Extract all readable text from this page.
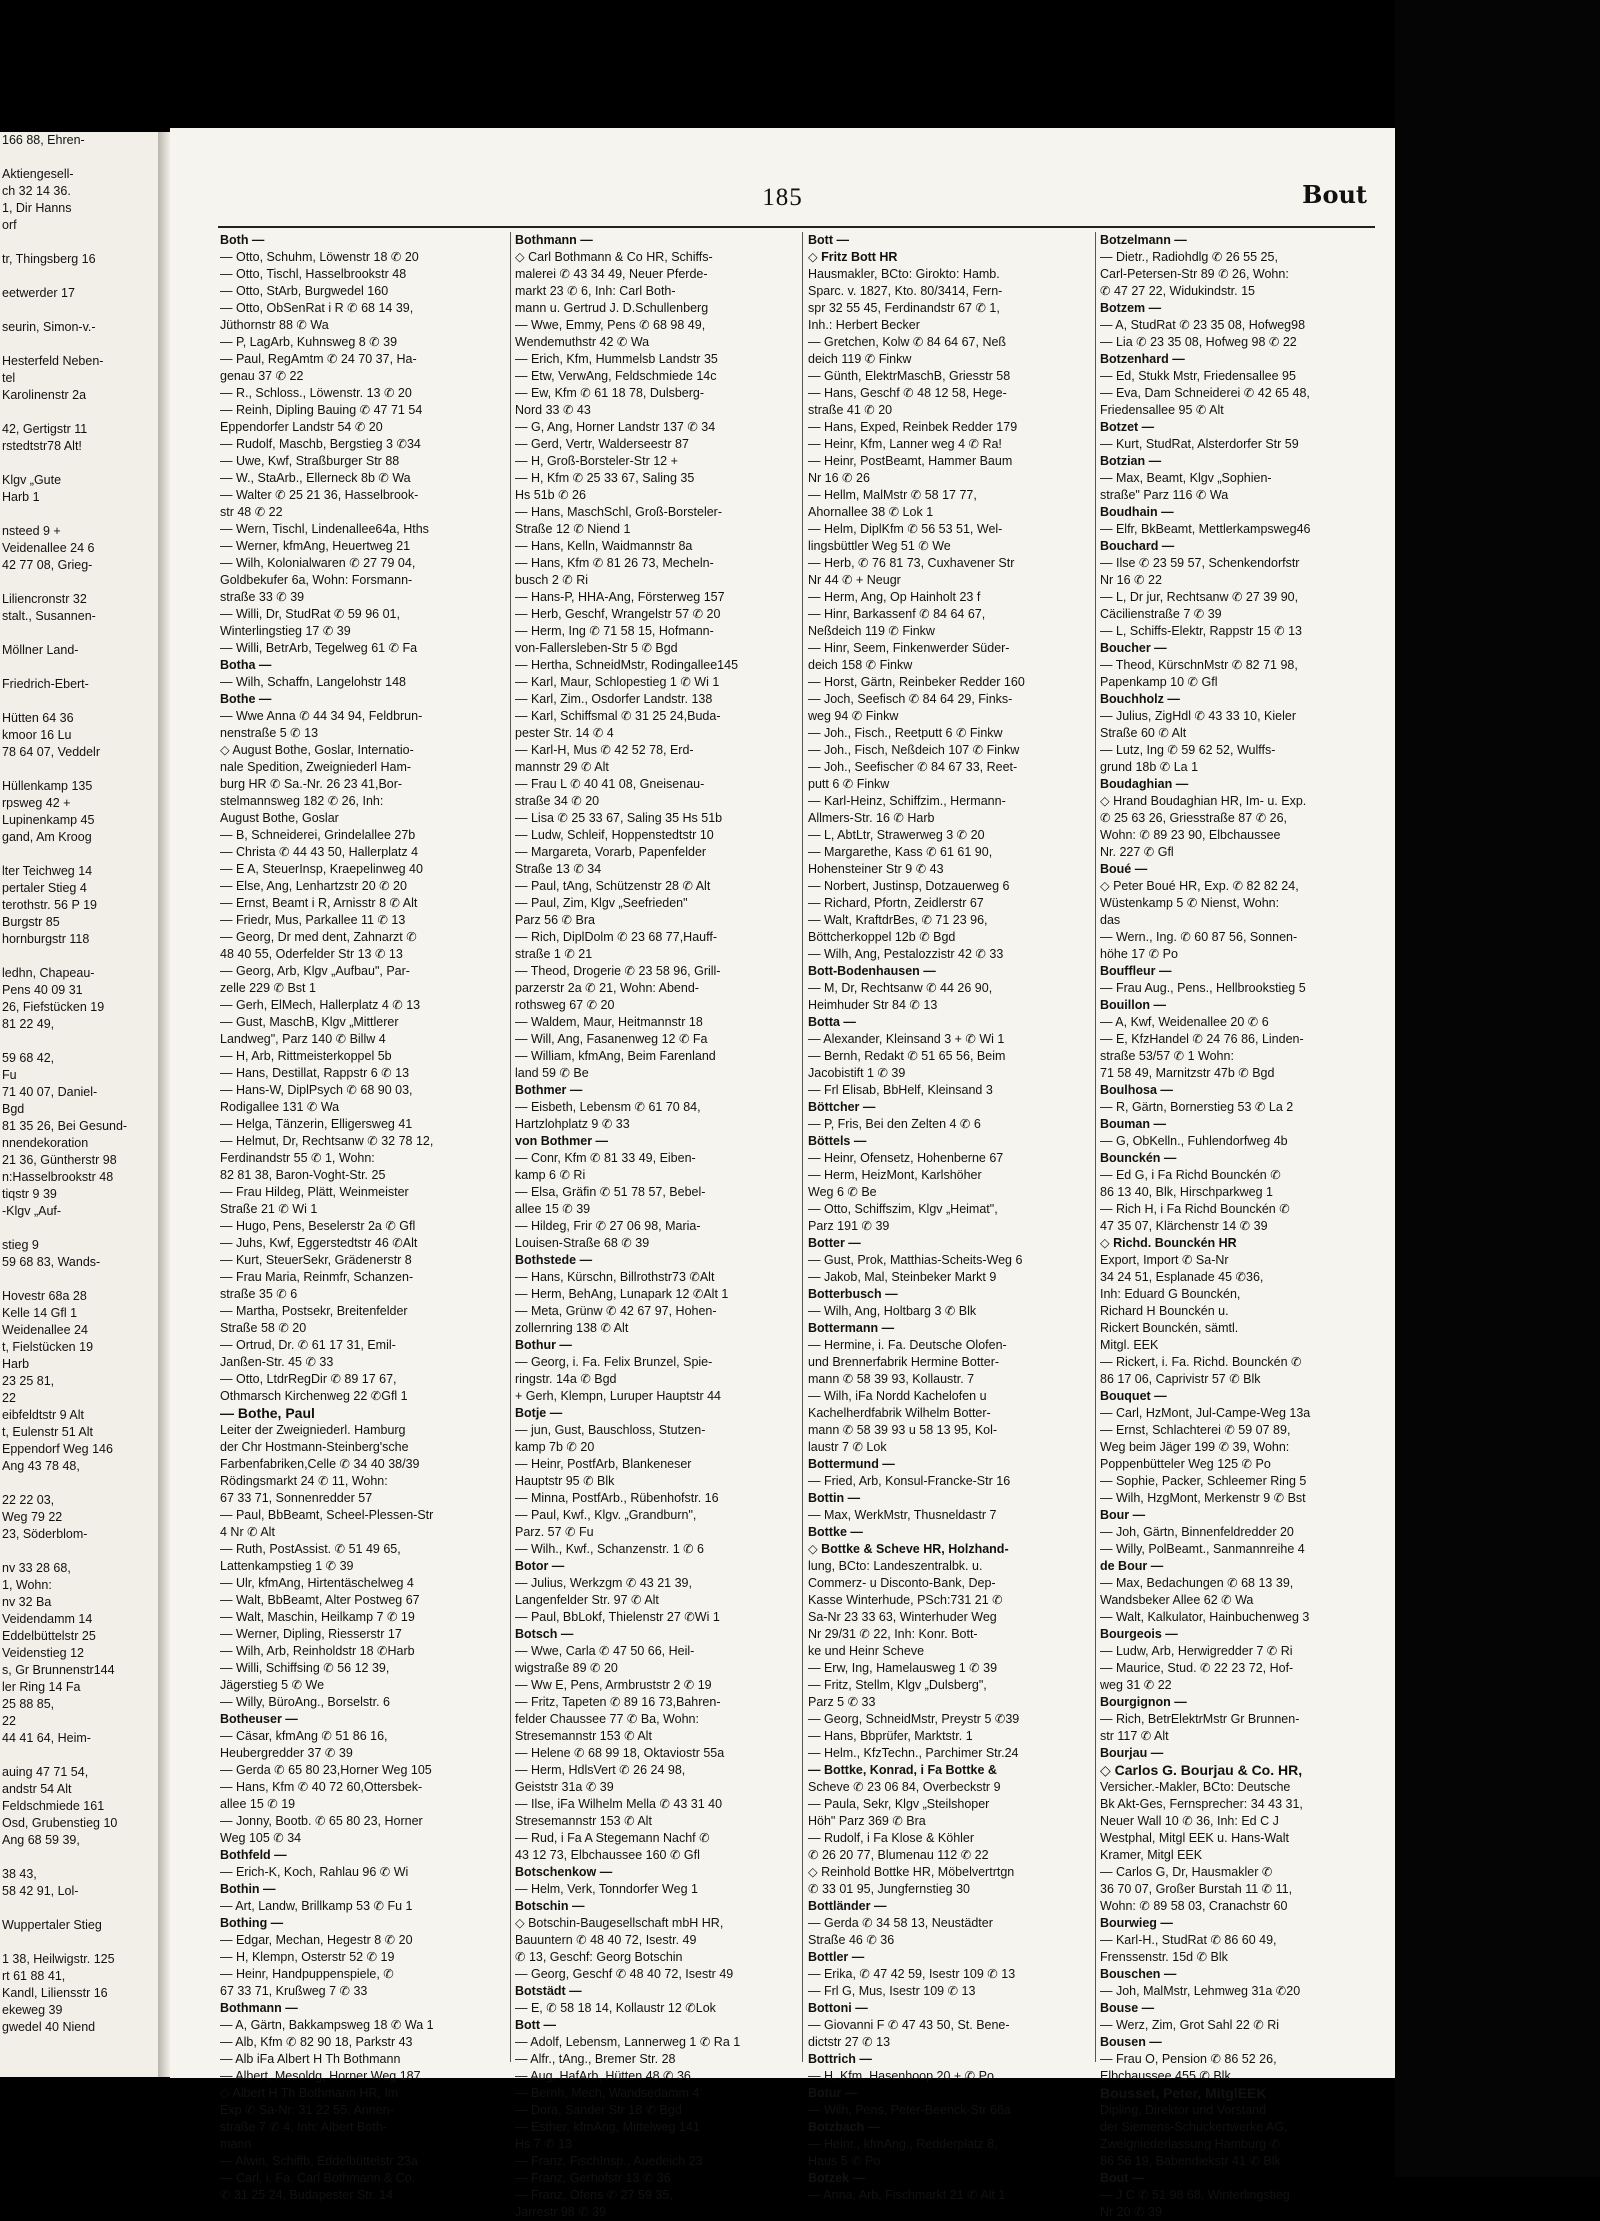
166 88, Ehren-

Aktiengesell-
ch 32 14 36.
1, Dir Hanns
orf

tr, Thingsberg 16

eetwerder 17

seurin, Simon-v.-

Hesterfeld Neben-
tel
Karolinenstr 2a

42, Gertigstr 11
rstedtstr78 Alt!

Klgv „Gute
Harb 1

nsteed 9 +
Veidenallee 24 6
42 77 08, Grieg-

Liliencronstr 32
stalt., Susannen-

Möllner Land-

Friedrich-Ebert-

Hütten 64 36
kmoor 16 Lu
78 64 07, Veddelr

Hüllenkamp 135
rpsweg 42 +
Lupinenkamp 45
gand, Am Kroog

lter Teichweg 14
pertaler Stieg 4
terothstr. 56 P 19
Burgstr 85
hornburgstr 118

ledhn, Chapeau-
Pens 40 09 31
26, Fiefstücken 19
81 22 49,

59 68 42,
Fu
71 40 07, Daniel-
Bgd
81 35 26, Bei Gesund-
nnendekoration
21 36, Güntherstr 98
n:Hasselbrookstr 48
tiqstr 9 39
-Klgv „Auf-

stieg 9
59 68 83, Wands-

Hovestr 68a 28
Kelle 14 Gfl 1
Weidenallee 24
t, Fielstücken 19
Harb
23 25 81,
22
eibfeldtstr 9 Alt
t, Eulenstr 51 Alt
Eppendorf Weg 146
Ang 43 78 48,

22 22 03,
Weg 79 22
23, Söderblom-

nv 33 28 68,
1, Wohn:
nv 32 Ba
Veidendamm 14
Eddelbüttelstr 25
Veidenstieg 12
s, Gr Brunnenstr144
ler Ring 14 Fa
25 88 85,
22
44 41 64, Heim-

auing 47 71 54,
andstr 54 Alt
Feldschmiede 161
Osd, Grubenstieg 10
Ang 68 59 39,

38 43,
58 42 91, Lol-

Wuppertaler Stieg

1 38, Heilwigstr. 125
rt 61 88 41,
Kandl, Liliensstr 16
ekeweg 39
gwedel 40 Niend
185	Bout
Both —
— Otto, Schuhm, Löwenstr 18 ✆ 20
— Otto, Tischl, Hasselbrookstr 48
— Otto, StArb, Burgwedel 160
— Otto, ObSenRat i R ✆ 68 14 39,
Jüthornstr 88 ✆ Wa
— P, LagArb, Kuhnsweg 8 ✆ 39
— Paul, RegAmtm ✆ 24 70 37, Ha-
genau 37 ✆ 22
— R., Schloss., Löwenstr. 13 ✆ 20
— Reinh, Dipling Bauing ✆ 47 71 54
Eppendorfer Landstr 54 ✆ 20
— Rudolf, Maschb, Bergstieg 3 ✆34
— Uwe, Kwf, Straßburger Str 88
— W., StaArb., Ellerneck 8b ✆ Wa
— Walter ✆ 25 21 36, Hasselbrook-
str 48 ✆ 22
— Wern, Tischl, Lindenallee64a, Hths
— Werner, kfmAng, Heuertweg 21
— Wilh, Kolonialwaren ✆ 27 79 04,
Goldbekufer 6a, Wohn: Forsmann-
straße 33 ✆ 39
— Willi, Dr, StudRat ✆ 59 96 01,
Winterlingstieg 17 ✆ 39
— Willi, BetrArb, Tegelweg 61 ✆ Fa
Botha —
— Wilh, Schaffn, Langelohstr 148
Bothe —
— Wwe Anna ✆ 44 34 94, Feldbrun-
nenstraße 5 ✆ 13
◇ August Bothe, Goslar, Internatio-
nale Spedition, Zweigniederl Ham-
burg HR ✆ Sa.-Nr. 26 23 41,Bor-
stelmannsweg 182 ✆ 26, Inh:
August Bothe, Goslar
— B, Schneiderei, Grindelallee 27b
— Christa ✆ 44 43 50, Hallerplatz 4
— E A, SteuerInsp, Kraepelinweg 40
— Else, Ang, Lenhartzstr 20 ✆ 20
— Ernst, Beamt i R, Arnisstr 8 ✆ Alt
— Friedr, Mus, Parkallee 11 ✆ 13
— Georg, Dr med dent, Zahnarzt ✆
48 40 55, Oderfelder Str 13 ✆ 13
— Georg, Arb, Klgv „Aufbau", Par-
zelle 229 ✆ Bst 1
— Gerh, ElMech, Hallerplatz 4 ✆ 13
— Gust, MaschB, Klgv „Mittlerer
Landweg", Parz 140 ✆ Billw 4
— H, Arb, Rittmeisterkoppel 5b
— Hans, Destillat, Rappstr 6 ✆ 13
— Hans-W, DiplPsych ✆ 68 90 03,
Rodigallee 131 ✆ Wa
— Helga, Tänzerin, Elligersweg 41
— Helmut, Dr, Rechtsanw ✆ 32 78 12,
Ferdinandstr 55 ✆ 1, Wohn:
82 81 38, Baron-Voght-Str. 25
— Frau Hildeg, Plätt, Weinmeister
Straße 21 ✆ Wi 1
— Hugo, Pens, Beselerstr 2a ✆ Gfl
— Juhs, Kwf, Eggerstedtstr 46 ✆Alt
— Kurt, SteuerSekr, Grädenerstr 8
— Frau Maria, Reinmfr, Schanzen-
straße 35 ✆ 6
— Martha, Postsekr, Breitenfelder
Straße 58 ✆ 20
— Ortrud, Dr. ✆ 61 17 31, Emil-
Janßen-Str. 45 ✆ 33
— Otto, LtdrRegDir ✆ 89 17 67,
Othmarsch Kirchenweg 22 ✆Gfl 1
— Bothe, Paul
Leiter der Zweigniederl. Hamburg
der Chr Hostmann-Steinberg'sche
Farbenfabriken,Celle ✆ 34 40 38/39
Rödingsmarkt 24 ✆ 11, Wohn:
67 33 71, Sonnenredder 57
— Paul, BbBeamt, Scheel-Plessen-Str
4 Nr ✆ Alt
— Ruth, PostAssist. ✆ 51 49 65,
Lattenkampstieg 1 ✆ 39
— Ulr, kfmAng, Hirtentäschelweg 4
— Walt, BbBeamt, Alter Postweg 67
— Walt, Maschin, Heilkamp 7 ✆ 19
— Werner, Dipling, Riesserstr 17
— Wilh, Arb, Reinholdstr 18 ✆Harb
— Willi, Schiffsing ✆ 56 12 39,
Jägerstieg 5 ✆ We
— Willy, BüroAng., Borselstr. 6
Botheuser —
— Cäsar, kfmAng ✆ 51 86 16,
Heubergredder 37 ✆ 39
— Gerda ✆ 65 80 23,Horner Weg 105
— Hans, Kfm ✆ 40 72 60,Ottersbek-
allee 15 ✆ 19
— Jonny, Bootb. ✆ 65 80 23, Horner
Weg 105 ✆ 34
Bothfeld —
— Erich-K, Koch, Rahlau 96 ✆ Wi
Bothin —
— Art, Landw, Brillkamp 53 ✆ Fu 1
Bothing —
— Edgar, Mechan, Hegestr 8 ✆ 20
— H, Klempn, Osterstr 52 ✆ 19
— Heinr, Handpuppenspiele, ✆
67 33 71, Krußweg 7 ✆ 33
Bothmann —
— A, Gärtn, Bakkampsweg 18 ✆ Wa 1
— Alb, Kfm ✆ 82 90 18, Parkstr 43
— Alb iFa Albert H Th Bothmann
— Albert, Mesoldg, Horner Weg 187
◇ Albert H Th Bothmann HR, Im
Exp ✆ Sa-Nr: 31 22 55, Annen-
straße 7 ✆ 4, Inh: Albert Both-
mann
— Alwin, Schiffb, Eddelbüttelstr 23a
— Carl, i. Fa. Carl Bothmann & Co.
✆ 31 25 24, Budapester Str. 14
Bothmann —
◇ Carl Bothmann & Co HR, Schiffs-
malerei ✆ 43 34 49, Neuer Pferde-
markt 23 ✆ 6, Inh: Carl Both-
mann u. Gertrud J. D.Schullenberg
— Wwe, Emmy, Pens ✆ 68 98 49,
Wendemuthstr 42 ✆ Wa
— Erich, Kfm, Hummelsb Landstr 35
— Etw, VerwAng, Feldschmiede 14c
— Ew, Kfm ✆ 61 18 78, Dulsberg-
Nord 33 ✆ 43
— G, Ang, Horner Landstr 137 ✆ 34
— Gerd, Vertr, Walderseestr 87
— H, Groß-Borsteler-Str 12 +
— H, Kfm ✆ 25 33 67, Saling 35
Hs 51b ✆ 26
— Hans, MaschSchl, Groß-Borsteler-
Straße 12 ✆ Niend 1
— Hans, Kelln, Waidmannstr 8a
— Hans, Kfm ✆ 81 26 73, Mecheln-
busch 2 ✆ Ri
— Hans-P, HHA-Ang, Försterweg 157
— Herb, Geschf, Wrangelstr 57 ✆ 20
— Herm, Ing ✆ 71 58 15, Hofmann-
von-Fallersleben-Str 5 ✆ Bgd
— Hertha, SchneidMstr, Rodingallee145
— Karl, Maur, Schlopestieg 1 ✆ Wi 1
— Karl, Zim., Osdorfer Landstr. 138
— Karl, Schiffsmal ✆ 31 25 24,Buda-
pester Str. 14 ✆ 4
— Karl-H, Mus ✆ 42 52 78, Erd-
mannstr 29 ✆ Alt
— Frau L ✆ 40 41 08, Gneisenau-
straße 34 ✆ 20
— Lisa ✆ 25 33 67, Saling 35 Hs 51b
— Ludw, Schleif, Hoppenstedtstr 10
— Margareta, Vorarb, Papenfelder
Straße 13 ✆ 34
— Paul, tAng, Schützenstr 28 ✆ Alt
— Paul, Zim, Klgv „Seefrieden"
Parz 56 ✆ Bra
— Rich, DiplDolm ✆ 23 68 77,Hauff-
straße 1 ✆ 21
— Theod, Drogerie ✆ 23 58 96, Grill-
parzerstr 2a ✆ 21, Wohn: Abend-
rothsweg 67 ✆ 20
— Waldem, Maur, Heitmannstr 18
— Will, Ang, Fasanenweg 12 ✆ Fa
— William, kfmAng, Beim Farenland
land 59 ✆ Be
Bothmer —
— Eisbeth, Lebensm ✆ 61 70 84,
Hartzlohplatz 9 ✆ 33
von Bothmer —
— Conr, Kfm ✆ 81 33 49, Eiben-
kamp 6 ✆ Ri
— Elsa, Gräfin ✆ 51 78 57, Bebel-
allee 15 ✆ 39
— Hildeg, Frir ✆ 27 06 98, Maria-
Louisen-Straße 68 ✆ 39
Bothstede —
— Hans, Kürschn, Billrothstr73 ✆Alt
— Herm, BehAng, Lunapark 12 ✆Alt 1
— Meta, Grünw ✆ 42 67 97, Hohen-
zollernring 138 ✆ Alt
Bothur —
— Georg, i. Fa. Felix Brunzel, Spie-
ringstr. 14a ✆ Bgd
+ Gerh, Klempn, Luruper Hauptstr 44
Botje —
— jun, Gust, Bauschloss, Stutzen-
kamp 7b ✆ 20
— Heinr, PostfArb, Blankeneser
Hauptstr 95 ✆ Blk
— Minna, PostfArb., Rübenhofstr. 16
— Paul, Kwf., Klgv. „Grandburn",
Parz. 57 ✆ Fu
— Wilh., Kwf., Schanzenstr. 1 ✆ 6
Botor —
— Julius, Werkzgm ✆ 43 21 39,
Langenfelder Str. 97 ✆ Alt
— Paul, BbLokf, Thielenstr 27 ✆Wi 1
Botsch —
— Wwe, Carla ✆ 47 50 66, Heil-
wigstraße 89 ✆ 20
— Ww E, Pens, Armbruststr 2 ✆ 19
— Fritz, Tapeten ✆ 89 16 73,Bahren-
felder Chaussee 77 ✆ Ba, Wohn:
Stresemannstr 153 ✆ Alt
— Helene ✆ 68 99 18, Oktaviostr 55a
— Herm, HdlsVert ✆ 26 24 98,
Geiststr 31a ✆ 39
— Ilse, iFa Wilhelm Mella ✆ 43 31 40
Stresemannstr 153 ✆ Alt
— Rud, i Fa A Stegemann Nachf ✆
43 12 73, Elbchaussee 160 ✆ Gfl
Botschenkow —
— Helm, Verk, Tonndorfer Weg 1
Botschin —
◇ Botschin-Baugesellschaft mbH HR,
Bauuntern ✆ 48 40 72, Isestr. 49
✆ 13, Geschf: Georg Botschin
— Georg, Geschf ✆ 48 40 72, Isestr 49
Botstädt —
— E, ✆ 58 18 14, Kollaustr 12 ✆Lok
Bott —
— Adolf, Lebensm, Lannerweg 1 ✆ Ra 1
— Alfr., tAng., Bremer Str. 28
— Aug, HafArb, Hütten 48 ✆ 36
— Bernh, Mech, Wandsedamm 4
— Dora, Sander Str 18 ✆ Bgd
— Esther, kfmAng, Mittelweg 141
Hs 7 ✆ 13
— Franz, FischInsp., Auedeich 23
— Franz, Gerhofstr 13 ✆ 36
— Franz, Ofens ✆ 27 59 35,
Jarrestr 98 ✆ 39
Bott —
◇ Fritz Bott HR
Hausmakler, BCto: Girokto: Hamb.
Sparc. v. 1827, Kto. 80/3414, Fern-
spr 32 55 45, Ferdinandstr 67 ✆ 1,
Inh.: Herbert Becker
— Gretchen, Kolw ✆ 84 64 67, Neß
deich 119 ✆ Finkw
— Günth, ElektrMaschB, Griesstr 58
— Hans, Geschf ✆ 48 12 58, Hege-
straße 41 ✆ 20
— Hans, Exped, Reinbek Redder 179
— Heinr, Kfm, Lanner weg 4 ✆ Ra!
— Heinr, PostBeamt, Hammer Baum
Nr 16 ✆ 26
— Hellm, MalMstr ✆ 58 17 77,
Ahornallee 38 ✆ Lok 1
— Helm, DiplKfm ✆ 56 53 51, Wel-
lingsbüttler Weg 51 ✆ We
— Herb, ✆ 76 81 73, Cuxhavener Str
Nr 44 ✆ + Neugr
— Herm, Ang, Op Hainholt 23 f
— Hinr, Barkassenf ✆ 84 64 67,
Neßdeich 119 ✆ Finkw
— Hinr, Seem, Finkenwerder Süder-
deich 158 ✆ Finkw
— Horst, Gärtn, Reinbeker Redder 160
— Joch, Seefisch ✆ 84 64 29, Finks-
weg 94 ✆ Finkw
— Joh., Fisch., Reetputt 6 ✆ Finkw
— Joh., Fisch, Neßdeich 107 ✆ Finkw
— Joh., Seefischer ✆ 84 67 33, Reet-
putt 6 ✆ Finkw
— Karl-Heinz, Schiffzim., Hermann-
Allmers-Str. 16 ✆ Harb
— L, AbtLtr, Strawerweg 3 ✆ 20
— Margarethe, Kass ✆ 61 61 90,
Hohensteiner Str 9 ✆ 43
— Norbert, Justinsp, Dotzauerweg 6
— Richard, Pfortn, Zeidlerstr 67
— Walt, KraftdrBes, ✆ 71 23 96,
Böttcherkoppel 12b ✆ Bgd
— Wilh, Ang, Pestalozzistr 42 ✆ 33
Bott-Bodenhausen —
— M, Dr, Rechtsanw ✆ 44 26 90,
Heimhuder Str 84 ✆ 13
Botta —
— Alexander, Kleinsand 3 + ✆ Wi 1
— Bernh, Redakt ✆ 51 65 56, Beim
Jacobistift 1 ✆ 39
— Frl Elisab, BbHelf, Kleinsand 3
Böttcher —
— P, Fris, Bei den Zelten 4 ✆ 6
Böttels —
— Heinr, Ofensetz, Hohenberne 67
— Herm, HeizMont, Karlshöher
Weg 6 ✆ Be
— Otto, Schiffszim, Klgv „Heimat",
Parz 191 ✆ 39
Botter —
— Gust, Prok, Matthias-Scheits-Weg 6
— Jakob, Mal, Steinbeker Markt 9
Botterbusch —
— Wilh, Ang, Holtbarg 3 ✆ Blk
Bottermann —
— Hermine, i. Fa. Deutsche Olofen-
und Brennerfabrik Hermine Botter-
mann ✆ 58 39 93, Kollaustr. 7
— Wilh, iFa Nordd Kachelofen u
Kachelherdfabrik Wilhelm Botter-
mann ✆ 58 39 93 u 58 13 95, Kol-
laustr 7 ✆ Lok
Bottermund —
— Fried, Arb, Konsul-Francke-Str 16
Bottin —
— Max, WerkMstr, Thusneldastr 7
Bottke —
◇ Bottke & Scheve HR, Holzhand-
lung, BCto: Landeszentralbk. u.
Commerz- u Disconto-Bank, Dep-
Kasse Winterhude, PSch:731 21 ✆
Sa-Nr 23 33 63, Winterhuder Weg
Nr 29/31 ✆ 22, Inh: Konr. Bott-
ke und Heinr Scheve
— Erw, Ing, Hamelausweg 1 ✆ 39
— Fritz, Stellm, Klgv „Dulsberg",
Parz 5 ✆ 33
— Georg, SchneidMstr, Preystr 5 ✆39
— Hans, Bbprüfer, Marktstr. 1
— Helm., KfzTechn., Parchimer Str.24
— Bottke, Konrad, i Fa Bottke &
Scheve ✆ 23 06 84, Overbeckstr 9
— Paula, Sekr, Klgv „Steilshoper
Höh" Parz 369 ✆ Bra
— Rudolf, i Fa Klose & Köhler
✆ 26 20 77, Blumenau 112 ✆ 22
◇ Reinhold Bottke HR, Möbelvertrtgn
✆ 33 01 95, Jungfernstieg 30
Bottländer —
— Gerda ✆ 34 58 13, Neustädter
Straße 46 ✆ 36
Bottler —
— Erika, ✆ 47 42 59, Isestr 109 ✆ 13
— Frl G, Mus, Isestr 109 ✆ 13
Bottoni —
— Giovanni F ✆ 47 43 50, St. Bene-
dictstr 27 ✆ 13
Bottrich —
— H, Kfm, Hasenhoop 20 + ✆ Po
Botur —
— Wilh, Pens, Peter-Beenck-Str 66a
Botzbach —
— Heinr., kfmAng., Redderplatz 8,
Haus 5 ✆ Po
Botzek —
— Anna, Arb, Fischmarkt 21 ✆ Alt 1
Botzelmann —
— Dietr., Radiohdlg ✆ 26 55 25,
Carl-Petersen-Str 89 ✆ 26, Wohn:
✆ 47 27 22, Widukindstr. 15
Botzem —
— A, StudRat ✆ 23 35 08, Hofweg98
— Lia ✆ 23 35 08, Hofweg 98 ✆ 22
Botzenhard —
— Ed, Stukk Mstr, Friedensallee 95
— Eva, Dam Schneiderei ✆ 42 65 48,
Friedensallee 95 ✆ Alt
Botzet —
— Kurt, StudRat, Alsterdorfer Str 59
Botzian —
— Max, Beamt, Klgv „Sophien-
straße" Parz 116 ✆ Wa
Boudhain —
— Elfr, BkBeamt, Mettlerkampsweg46
Bouchard —
— Ilse ✆ 23 59 57, Schenkendorfstr
Nr 16 ✆ 22
— L, Dr jur, Rechtsanw ✆ 27 39 90,
Cäcilienstraße 7 ✆ 39
— L, Schiffs-Elektr, Rappstr 15 ✆ 13
Boucher —
— Theod, KürschnMstr ✆ 82 71 98,
Papenkamp 10 ✆ Gfl
Bouchholz —
— Julius, ZigHdl ✆ 43 33 10, Kieler
Straße 60 ✆ Alt
— Lutz, Ing ✆ 59 62 52, Wulffs-
grund 18b ✆ La 1
Boudaghian —
◇ Hrand Boudaghian HR, Im- u. Exp.
✆ 25 63 26, Griesstraße 87 ✆ 26,
Wohn: ✆ 89 23 90, Elbchaussee
Nr. 227 ✆ Gfl
Boué —
◇ Peter Boué HR, Exp. ✆ 82 82 24,
Wüstenkamp 5 ✆ Nienst, Wohn:
das
— Wern., Ing. ✆ 60 87 56, Sonnen-
höhe 17 ✆ Po
Bouffleur —
— Frau Aug., Pens., Hellbrookstieg 5
Bouillon —
— A, Kwf, Weidenallee 20 ✆ 6
— E, KfzHandel ✆ 24 76 86, Linden-
straße 53/57 ✆ 1 Wohn:
71 58 49, Marnitzstr 47b ✆ Bgd
Boulhosa —
— R, Gärtn, Bornerstieg 53 ✆ La 2
Bouman —
— G, ObKelln., Fuhlendorfweg 4b
Bounckén —
— Ed G, i Fa Richd Bounckén ✆
86 13 40, Blk, Hirschparkweg 1
— Rich H, i Fa Richd Bounckén ✆
47 35 07, Klärchenstr 14 ✆ 39
◇ Richd. Bounckén HR
Export, Import ✆ Sa-Nr
34 24 51, Esplanade 45 ✆36,
Inh: Eduard G Bounckén,
Richard H Bounckén u.
Rickert Bounckén, sämtl.
Mitgl. EEK
— Rickert, i. Fa. Richd. Bounckén ✆
86 17 06, Caprivistr 57 ✆ Blk
Bouquet —
— Carl, HzMont, Jul-Campe-Weg 13a
— Ernst, Schlachterei ✆ 59 07 89,
Weg beim Jäger 199 ✆ 39, Wohn:
Poppenbütteler Weg 125 ✆ Po
— Sophie, Packer, Schleemer Ring 5
— Wilh, HzgMont, Merkenstr 9 ✆ Bst
Bour —
— Joh, Gärtn, Binnenfeldredder 20
— Willy, PolBeamt., Sanmannreihe 4
de Bour —
— Max, Bedachungen ✆ 68 13 39,
Wandsbeker Allee 62 ✆ Wa
— Walt, Kalkulator, Hainbuchenweg 3
Bourgeois —
— Ludw, Arb, Herwigredder 7 ✆ Ri
— Maurice, Stud. ✆ 22 23 72, Hof-
weg 31 ✆ 22
Bourgignon —
— Rich, BetrElektrMstr Gr Brunnen-
str 117 ✆ Alt
Bourjau —
◇ Carlos G. Bourjau & Co. HR,
Versicher.-Makler, BCto: Deutsche
Bk Akt-Ges, Fernsprecher: 34 43 31,
Neuer Wall 10 ✆ 36, Inh: Ed C J
Westphal, Mitgl EEK u. Hans-Walt
Kramer, Mitgl EEK
— Carlos G, Dr, Hausmakler ✆
36 70 07, Großer Burstah 11 ✆ 11,
Wohn: ✆ 89 58 03, Cranachstr 60
Bourwieg —
— Karl-H., StudRat ✆ 86 60 49,
Frenssenstr. 15d ✆ Blk
Bouschen —
— Joh, MalMstr, Lehmweg 31a ✆20
Bouse —
— Werz, Zim, Grot Sahl 22 ✆ Ri
Bousen —
— Frau O, Pension ✆ 86 52 26,
Elbchaussee 455 ✆ Blk
Bousset, Peter, MitglEEK
Dipling, Direktor und Vorstand
der Siemens-Schuckertwerke AG,
Zweigniederlassung Hamburg ✆
86 56 19, Babendiekstr 41 ✆ Blk
Bout —
— J C ✆ 51 98 68, Winterlingstieg
Nr 20 ✆ 39
